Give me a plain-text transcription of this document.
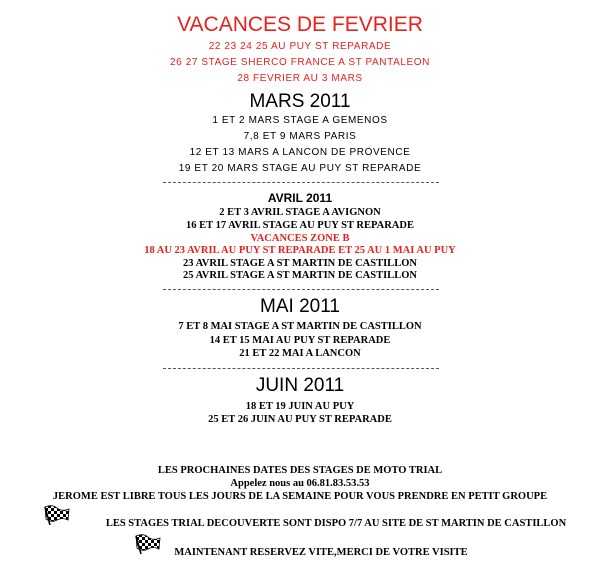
VACANCES DE FEVRIER
22 23 24 25 AU PUY ST REPARADE
26 27 STAGE SHERCO FRANCE A ST PANTALEON
28 FEVRIER AU 3 MARS
MARS 2011
1 ET 2 MARS STAGE A GEMENOS
7,8 ET 9 MARS PARIS
12 ET 13 MARS A LANCON DE PROVENCE
19 ET 20 MARS STAGE AU PUY ST REPARADE
AVRIL 2011
2 ET 3 AVRIL STAGE A AVIGNON
16 ET 17 AVRIL STAGE AU PUY ST REPARADE
VACANCES ZONE B
18 AU 23 AVRIL AU PUY ST REPARADE ET 25 AU 1 MAI AU PUY
23 AVRIL STAGE A ST MARTIN DE CASTILLON
25 AVRIL STAGE A ST MARTIN DE CASTILLON
MAI 2011
7 ET 8 MAI STAGE A ST MARTIN DE CASTILLON
14 ET 15 MAI AU PUY ST REPARADE
21 ET 22 MAI A LANCON
JUIN 2011
18 ET 19 JUIN AU PUY
25 ET 26 JUIN AU PUY ST REPARADE
LES PROCHAINES DATES DES STAGES DE MOTO TRIAL
Appelez nous au 06.81.83.53.53
JEROME EST LIBRE TOUS LES JOURS DE LA SEMAINE POUR VOUS PRENDRE EN PETIT GROUPE
LES STAGES TRIAL DECOUVERTE SONT DISPO 7/7 AU SITE DE ST MARTIN DE CASTILLON
MAINTENANT RESERVEZ VITE,MERCI DE VOTRE VISITE
